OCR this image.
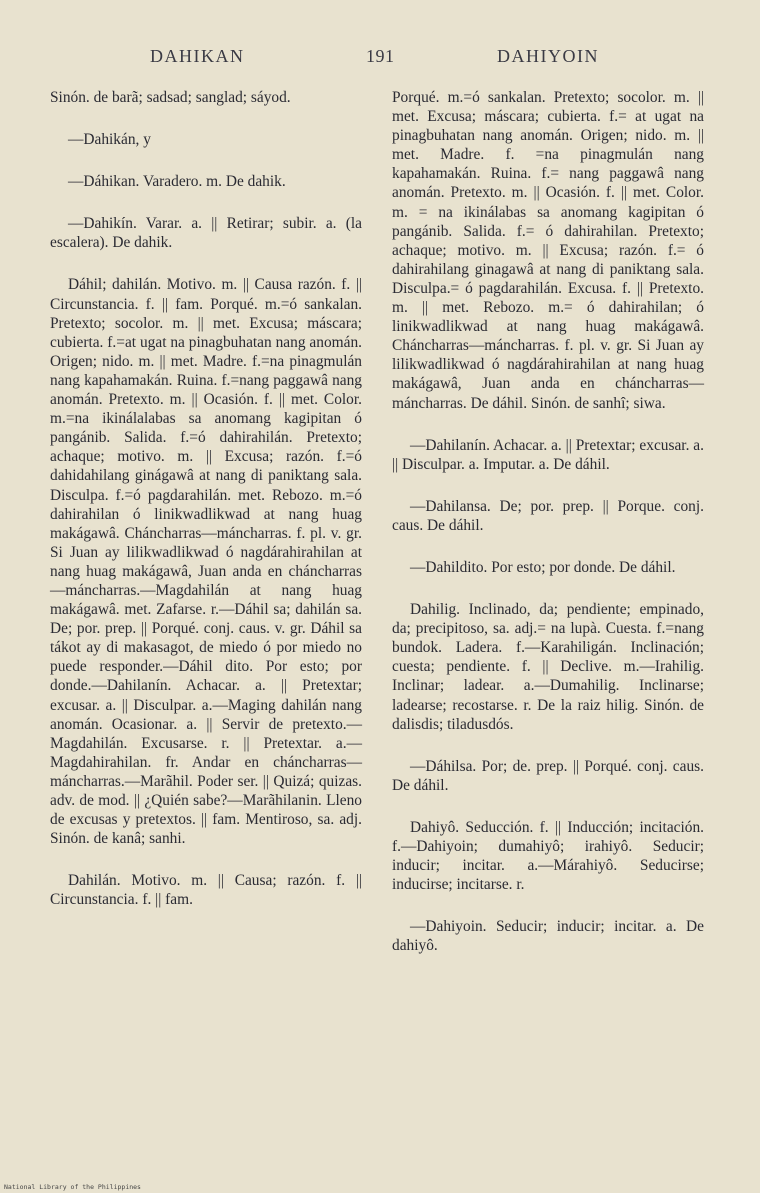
DAHIKAN	191	DAHIYOIN

Sinón. de barã; sadsad; sanglad; sáyod.

—Dahikán, y

—Dáhikan. Varadero. m. De dahik.

—Dahikín. Varar. a. || Retirar; subir. a. (la escalera). De dahik.

Dáhil; dahilán. Motivo. m. || Causa razón. f. || Circunstancia. f. || fam. Porqué. m.=ó sankalan. Pretexto; socolor. m. || met. Excusa; máscara; cubierta. f.=at ugat na pinagbuhatan nang anomán. Origen; nido. m. || met. Madre. f.=na pinagmulán nang kapahamakán. Ruina. f.=nang paggawâ nang anomán. Pretexto. m. || Ocasión. f. || met. Color. m.=na ikinálalabas sa anomang kagipitan ó pangánib. Salida. f.=ó dahirahilán. Pretexto; achaque; motivo. m. || Excusa; razón. f.=ó dahidahilang ginágawâ at nang di paniktang sala. Disculpa. f.=ó pagdarahilán. met. Rebozo. m.=ó dahirahilan ó linikwadlikwad at nang huag makágawâ. Cháncharras—máncharras. f. pl. v. gr. Si Juan ay lilikwadlikwad ó nagdárahirahilan at nang huag makágawâ, Juan anda en cháncharras—máncharras.—Magdahilán at nang huag makágawâ. met. Zafarse. r.—Dáhil sa; dahilán sa. De; por. prep. || Porqué. conj. caus. v. gr. Dáhil sa tákot ay di makasagot, de miedo ó por miedo no puede responder.—Dáhil dito. Por esto; por donde.—Dahilanín. Achacar. a. || Pretextar; excusar. a. || Disculpar. a.—Maging dahilán nang anomán. Ocasionar. a. || Servir de pretexto.—Magdahilán. Excusarse. r. || Pretextar. a.—Magdahirahilan. fr. Andar en cháncharras—máncharras.—Marãhil. Poder ser. || Quizá; quizas. adv. de mod. || ¿Quién sabe?—Marãhilanin. Lleno de excusas y pretextos. || fam. Mentiroso, sa. adj. Sinón. de kanâ; sanhi.

Dahilán. Motivo. m. || Causa; razón. f. || Circunstancia. f. || fam.

Porqué. m.=ó sankalan. Pretexto; socolor. m. || met. Excusa; máscara; cubierta. f.= at ugat na pinagbuhatan nang anomán. Origen; nido. m. || met. Madre. f. =na pinagmulán nang kapahamakán. Ruina. f.= nang paggawâ nang anomán. Pretexto. m. || Ocasión. f. || met. Color. m. = na ikinálabas sa anomang kagipitan ó pangánib. Salida. f.= ó dahirahilan. Pretexto; achaque; motivo. m. || Excusa; razón. f.= ó dahirahilang ginagawâ at nang di paniktang sala. Disculpa.= ó pagdarahilán. Excusa. f. || Pretexto. m. || met. Rebozo. m.= ó dahirahilan; ó linikwadlikwad at nang huag makágawâ. Cháncharras—máncharras. f. pl. v. gr. Si Juan ay lilikwadlikwad ó nagdárahirahilan at nang huag makágawâ, Juan anda en cháncharras—máncharras. De dáhil. Sinón. de sanhî; siwa.

—Dahilanín. Achacar. a. || Pretextar; excusar. a. || Disculpar. a. Imputar. a. De dáhil.

—Dahilansa. De; por. prep. || Porque. conj. caus. De dáhil.

—Dahildito. Por esto; por donde. De dáhil.

Dahilig. Inclinado, da; pendiente; empinado, da; precipitoso, sa. adj.= na lupà. Cuesta. f.=nang bundok. Ladera. f.—Karahiligán. Inclinación; cuesta; pendiente. f. || Declive. m.—Irahilig. Inclinar; ladear. a.—Dumahilig. Inclinarse; ladearse; recostarse. r. De la raiz hilig. Sinón. de dalisdis; tiladusdós.

—Dáhilsa. Por; de. prep. || Porqué. conj. caus. De dáhil.

Dahiyô. Seducción. f. || Inducción; incitación. f.—Dahiyoin; dumahiyô; irahiyô. Seducir; inducir; incitar. a.—Márahiyô. Seducirse; inducirse; incitarse. r.

—Dahiyoin. Seducir; inducir; incitar. a. De dahiyô.

National Library of the Philippines
